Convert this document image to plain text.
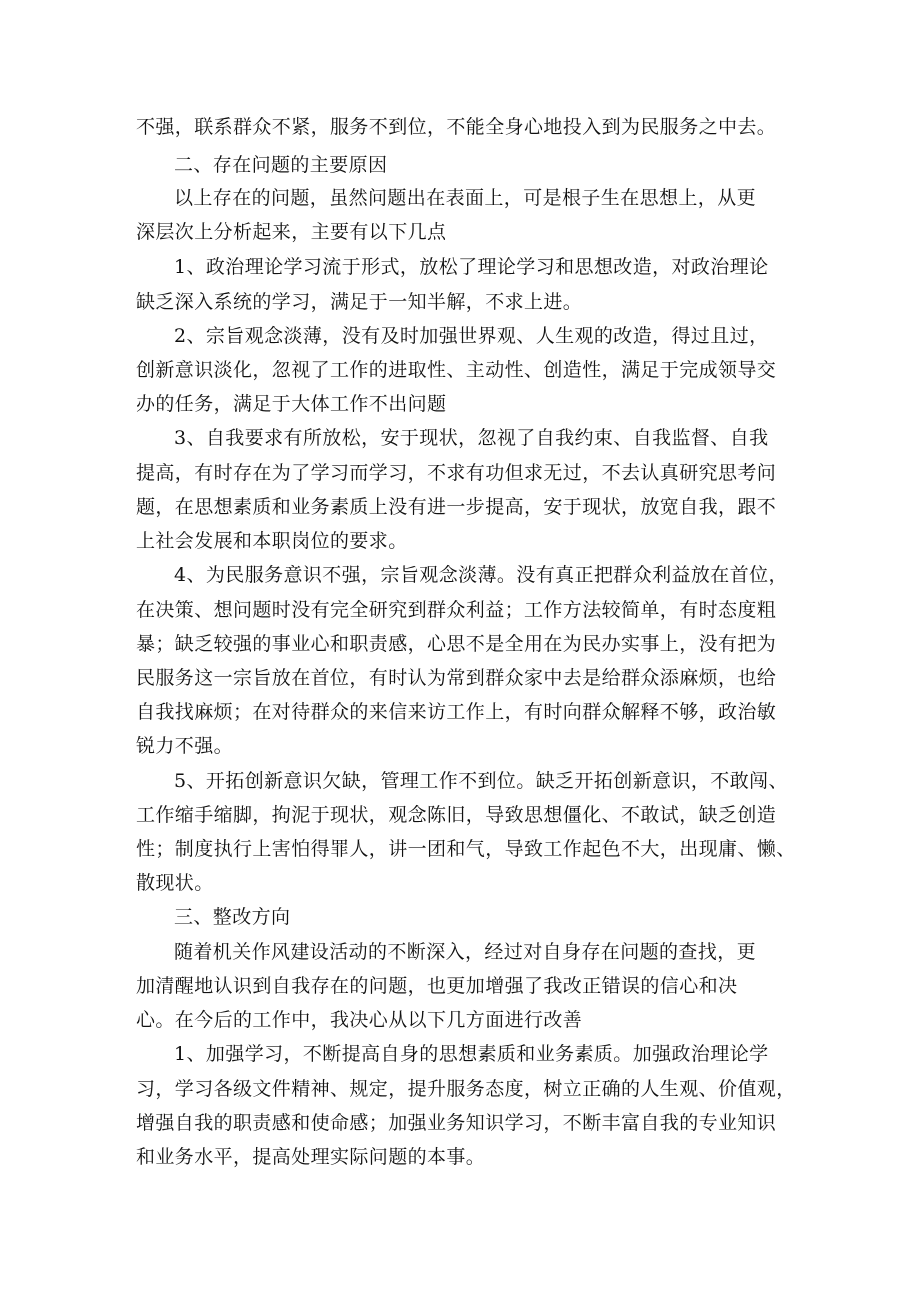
不强，联系群众不紧，服务不到位，不能全身心地投入到为民服务之中去。
二、存在问题的主要原因
以上存在的问题，虽然问题出在表面上，可是根子生在思想上，从更
深层次上分析起来，主要有以下几点
1、政治理论学习流于形式，放松了理论学习和思想改造，对政治理论
缺乏深入系统的学习，满足于一知半解，不求上进。
2、宗旨观念淡薄，没有及时加强世界观、人生观的改造，得过且过，
创新意识淡化，忽视了工作的进取性、主动性、创造性，满足于完成领导交
办的任务，满足于大体工作不出问题
3、自我要求有所放松，安于现状，忽视了自我约束、自我监督、自我
提高，有时存在为了学习而学习，不求有功但求无过，不去认真研究思考问
题，在思想素质和业务素质上没有进一步提高，安于现状，放宽自我，跟不
上社会发展和本职岗位的要求。
4、为民服务意识不强，宗旨观念淡薄。没有真正把群众利益放在首位，
在决策、想问题时没有完全研究到群众利益；工作方法较简单，有时态度粗
暴；缺乏较强的事业心和职责感，心思不是全用在为民办实事上，没有把为
民服务这一宗旨放在首位，有时认为常到群众家中去是给群众添麻烦，也给
自我找麻烦；在对待群众的来信来访工作上，有时向群众解释不够，政治敏
锐力不强。
5、开拓创新意识欠缺，管理工作不到位。缺乏开拓创新意识，不敢闯、
工作缩手缩脚，拘泥于现状，观念陈旧，导致思想僵化、不敢试，缺乏创造
性；制度执行上害怕得罪人，讲一团和气，导致工作起色不大，出现庸、懒、
散现状。
三、整改方向
随着机关作风建设活动的不断深入，经过对自身存在问题的查找，更
加清醒地认识到自我存在的问题，也更加增强了我改正错误的信心和决
心。在今后的工作中，我决心从以下几方面进行改善
1、加强学习，不断提高自身的思想素质和业务素质。加强政治理论学
习，学习各级文件精神、规定，提升服务态度，树立正确的人生观、价值观，
增强自我的职责感和使命感；加强业务知识学习，不断丰富自我的专业知识
和业务水平，提高处理实际问题的本事。
